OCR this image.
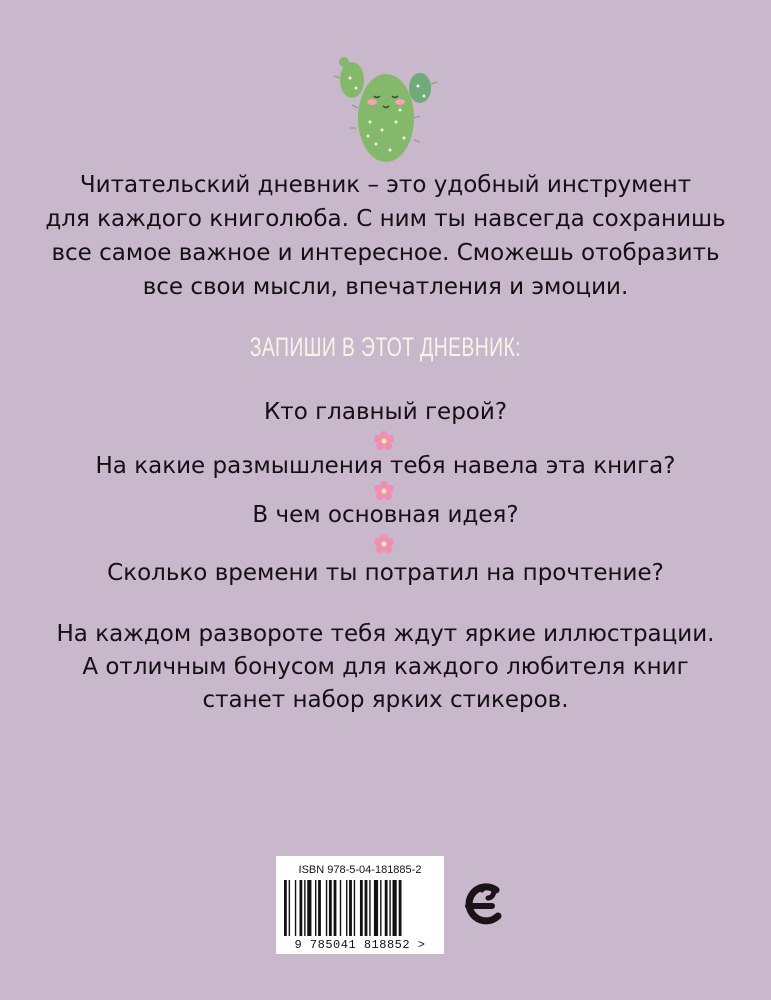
Читательский дневник – это удобный инструмент
для каждого книголюба. С ним ты навсегда сохранишь
все самое важное и интересное. Сможешь отобразить
все свои мысли, впечатления и эмоции.

ЗАПИШИ В ЭТОТ ДНЕВНИК:

Кто главный герой?

На какие размышления тебя навела эта книга?

В чем основная идея?

Сколько времени ты потратил на прочтение?

На каждом развороте тебя ждут яркие иллюстрации.
А отличным бонусом для каждого любителя книг
станет набор ярких стикеров.

ISBN 978-5-04-181885-2
9 785041 818852 >
